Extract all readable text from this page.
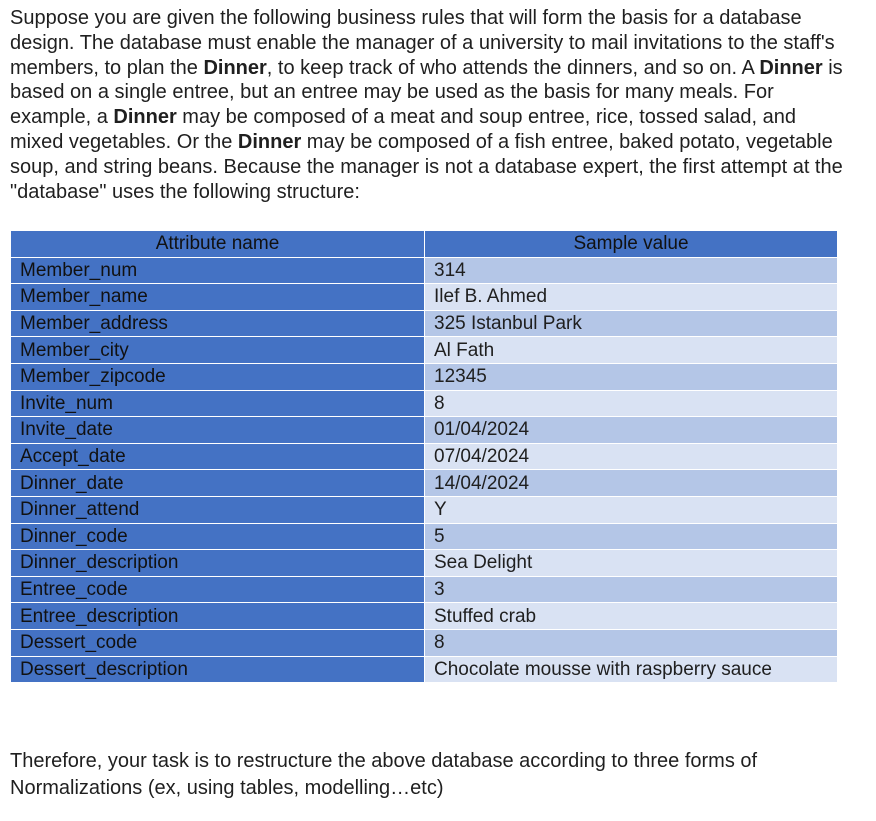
Suppose you are given the following business rules that will form the basis for a database design. The database must enable the manager of a university to mail invitations to the staff's members, to plan the Dinner, to keep track of who attends the dinners, and so on. A Dinner is based on a single entree, but an entree may be used as the basis for many meals. For example, a Dinner may be composed of a meat and soup entree, rice, tossed salad, and mixed vegetables. Or the Dinner may be composed of a fish entree, baked potato, vegetable soup, and string beans. Because the manager is not a database expert, the first attempt at the "database" uses the following structure:

Attribute name	Sample value
Member_num	314
Member_name	Ilef B. Ahmed
Member_address	325 Istanbul Park
Member_city	Al Fath
Member_zipcode	12345
Invite_num	8
Invite_date	01/04/2024
Accept_date	07/04/2024
Dinner_date	14/04/2024
Dinner_attend	Y
Dinner_code	5
Dinner_description	Sea Delight
Entree_code	3
Entree_description	Stuffed crab
Dessert_code	8
Dessert_description	Chocolate mousse with raspberry sauce

Therefore, your task is to restructure the above database according to three forms of Normalizations (ex, using tables, modelling…etc)
